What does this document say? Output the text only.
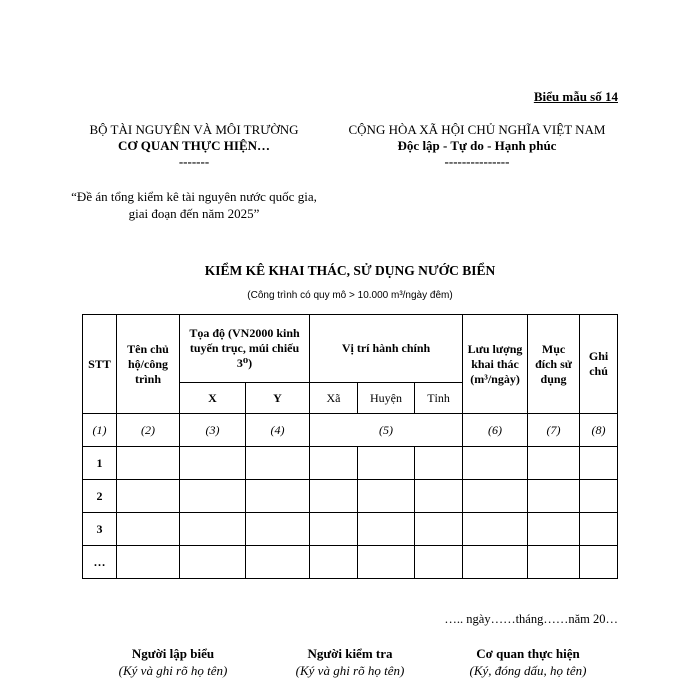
Biểu mẫu số 14
BỘ TÀI NGUYÊN VÀ MÔI TRƯỜNG
CƠ QUAN THỰC HIỆN…
-------
CỘNG HÒA XÃ HỘI CHỦ NGHĨA VIỆT NAM
Độc lập - Tự do - Hạnh phúc
---------------
“Đề án tổng kiểm kê tài nguyên nước quốc gia, giai đoạn đến năm 2025”
KIỂM KÊ KHAI THÁC, SỬ DỤNG NƯỚC BIỂN
(Công trình có quy mô > 10.000 m³/ngày đêm)
STT	Tên chủ hộ/công trình	Tọa độ (VN2000 kinh tuyến trục, múi chiếu 3⁰)		Vị trí hành chính			Lưu lượng khai thác (m³/ngày)	Mục đích sử dụng	Ghi chú
		X	Y	Xã	Huyện	Tỉnh			
(1)	(2)	(3)	(4)	(5)			(6)	(7)	(8)
1									
2									
3									
…									
….. ngày……tháng……năm 20…
Người lập biểu
(Ký và ghi rõ họ tên)
Người kiểm tra
(Ký và ghi rõ họ tên)
Cơ quan thực hiện
(Ký, đóng dấu, họ tên)
